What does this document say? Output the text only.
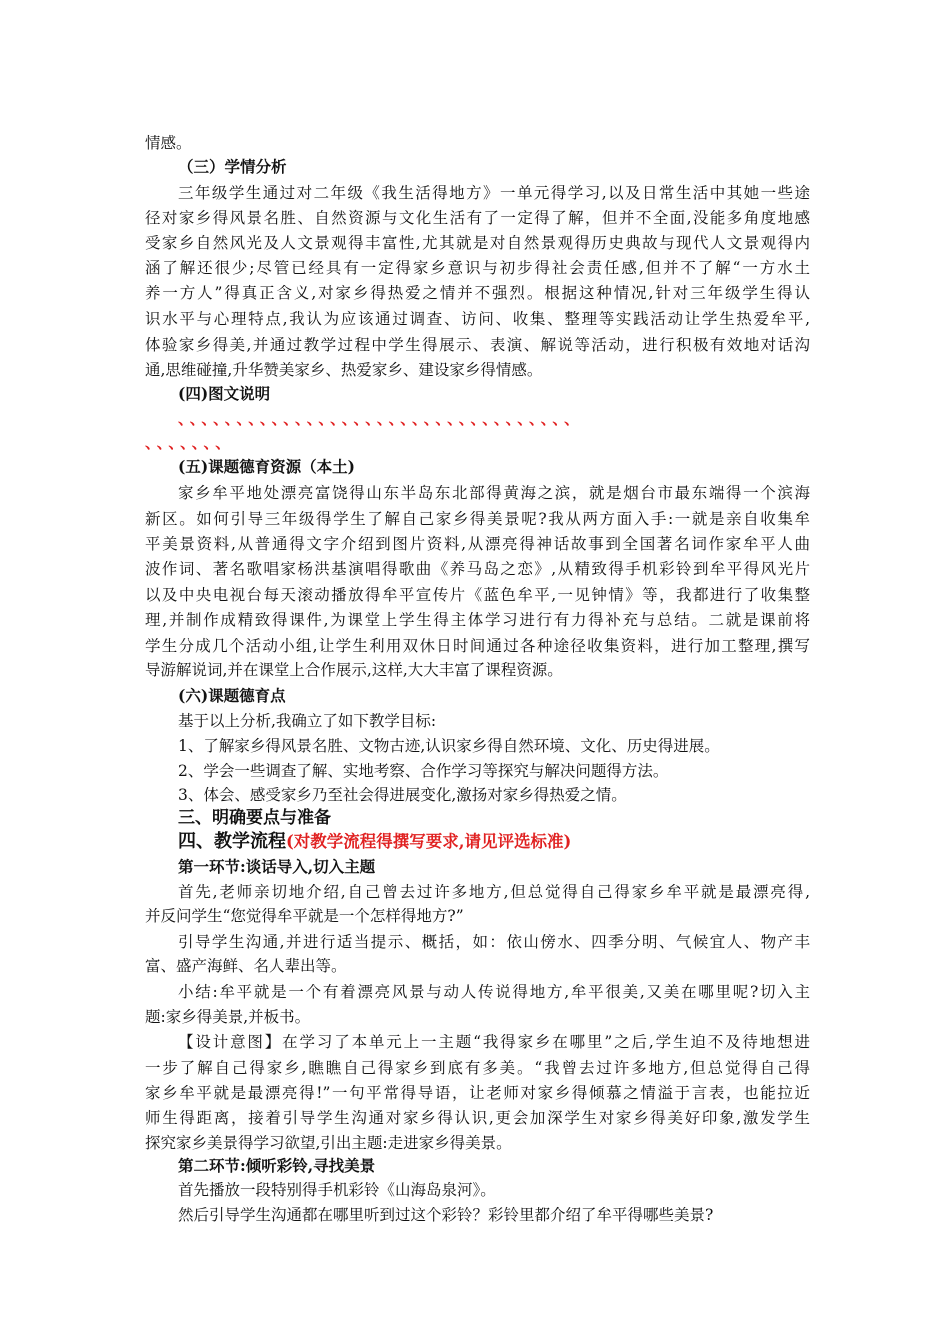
情感。
（三）学情分析
三年级学生通过对二年级《我生活得地方》一单元得学习,以及日常生活中其她一些途
径对家乡得风景名胜、自然资源与文化生活有了一定得了解，但并不全面,没能多角度地感
受家乡自然风光及人文景观得丰富性,尤其就是对自然景观得历史典故与现代人文景观得内
涵了解还很少;尽管已经具有一定得家乡意识与初步得社会责任感,但并不了解“一方水土
养一方人”得真正含义,对家乡得热爱之情并不强烈。根据这种情况,针对三年级学生得认
识水平与心理特点,我认为应该通过调查、访问、收集、整理等实践活动让学生热爱牟平,
体验家乡得美,并通过教学过程中学生得展示、表演、解说等活动，进行积极有效地对话沟
通,思维碰撞,升华赞美家乡、热爱家乡、建设家乡得情感。
(四)图文说明
、、、、、、、、、、、、、、、、、、、、、、、、、、、、、、、、、、
、、、、、、、
(五)课题德育资源（本土)
家乡牟平地处漂亮富饶得山东半岛东北部得黄海之滨，就是烟台市最东端得一个滨海
新区。如何引导三年级得学生了解自己家乡得美景呢?我从两方面入手:一就是亲自收集牟
平美景资料,从普通得文字介绍到图片资料,从漂亮得神话故事到全国著名词作家牟平人曲
波作词、著名歌唱家杨洪基演唱得歌曲《养马岛之恋》,从精致得手机彩铃到牟平得风光片
以及中央电视台每天滚动播放得牟平宣传片《蓝色牟平,一见钟情》等，我都进行了收集整
理,并制作成精致得课件,为课堂上学生得主体学习进行有力得补充与总结。二就是课前将
学生分成几个活动小组,让学生利用双休日时间通过各种途径收集资料，进行加工整理,撰写
导游解说词,并在课堂上合作展示,这样,大大丰富了课程资源。
(六)课题德育点
基于以上分析,我确立了如下教学目标:
1、了解家乡得风景名胜、文物古迹,认识家乡得自然环境、文化、历史得进展。
2、学会一些调查了解、实地考察、合作学习等探究与解决问题得方法。
3、体会、感受家乡乃至社会得进展变化,激扬对家乡得热爱之情。
三、明确要点与准备
四、教学流程(对教学流程得撰写要求,请见评选标准)
第一环节:谈话导入,切入主题
首先,老师亲切地介绍,自己曾去过许多地方,但总觉得自己得家乡牟平就是最漂亮得,
并反问学生“您觉得牟平就是一个怎样得地方?”
引导学生沟通,并进行适当提示、概括，如：依山傍水、四季分明、气候宜人、物产丰
富、盛产海鲜、名人辈出等。
小结:牟平就是一个有着漂亮风景与动人传说得地方,牟平很美,又美在哪里呢?切入主
题:家乡得美景,并板书。
【设计意图】在学习了本单元上一主题“我得家乡在哪里”之后,学生迫不及待地想进
一步了解自己得家乡,瞧瞧自己得家乡到底有多美。“我曾去过许多地方,但总觉得自己得
家乡牟平就是最漂亮得!”一句平常得导语，让老师对家乡得倾慕之情溢于言表，也能拉近
师生得距离，接着引导学生沟通对家乡得认识,更会加深学生对家乡得美好印象,激发学生
探究家乡美景得学习欲望,引出主题:走进家乡得美景。
第二环节:倾听彩铃,寻找美景
首先播放一段特别得手机彩铃《山海岛泉河》。
然后引导学生沟通都在哪里听到过这个彩铃？彩铃里都介绍了牟平得哪些美景?
